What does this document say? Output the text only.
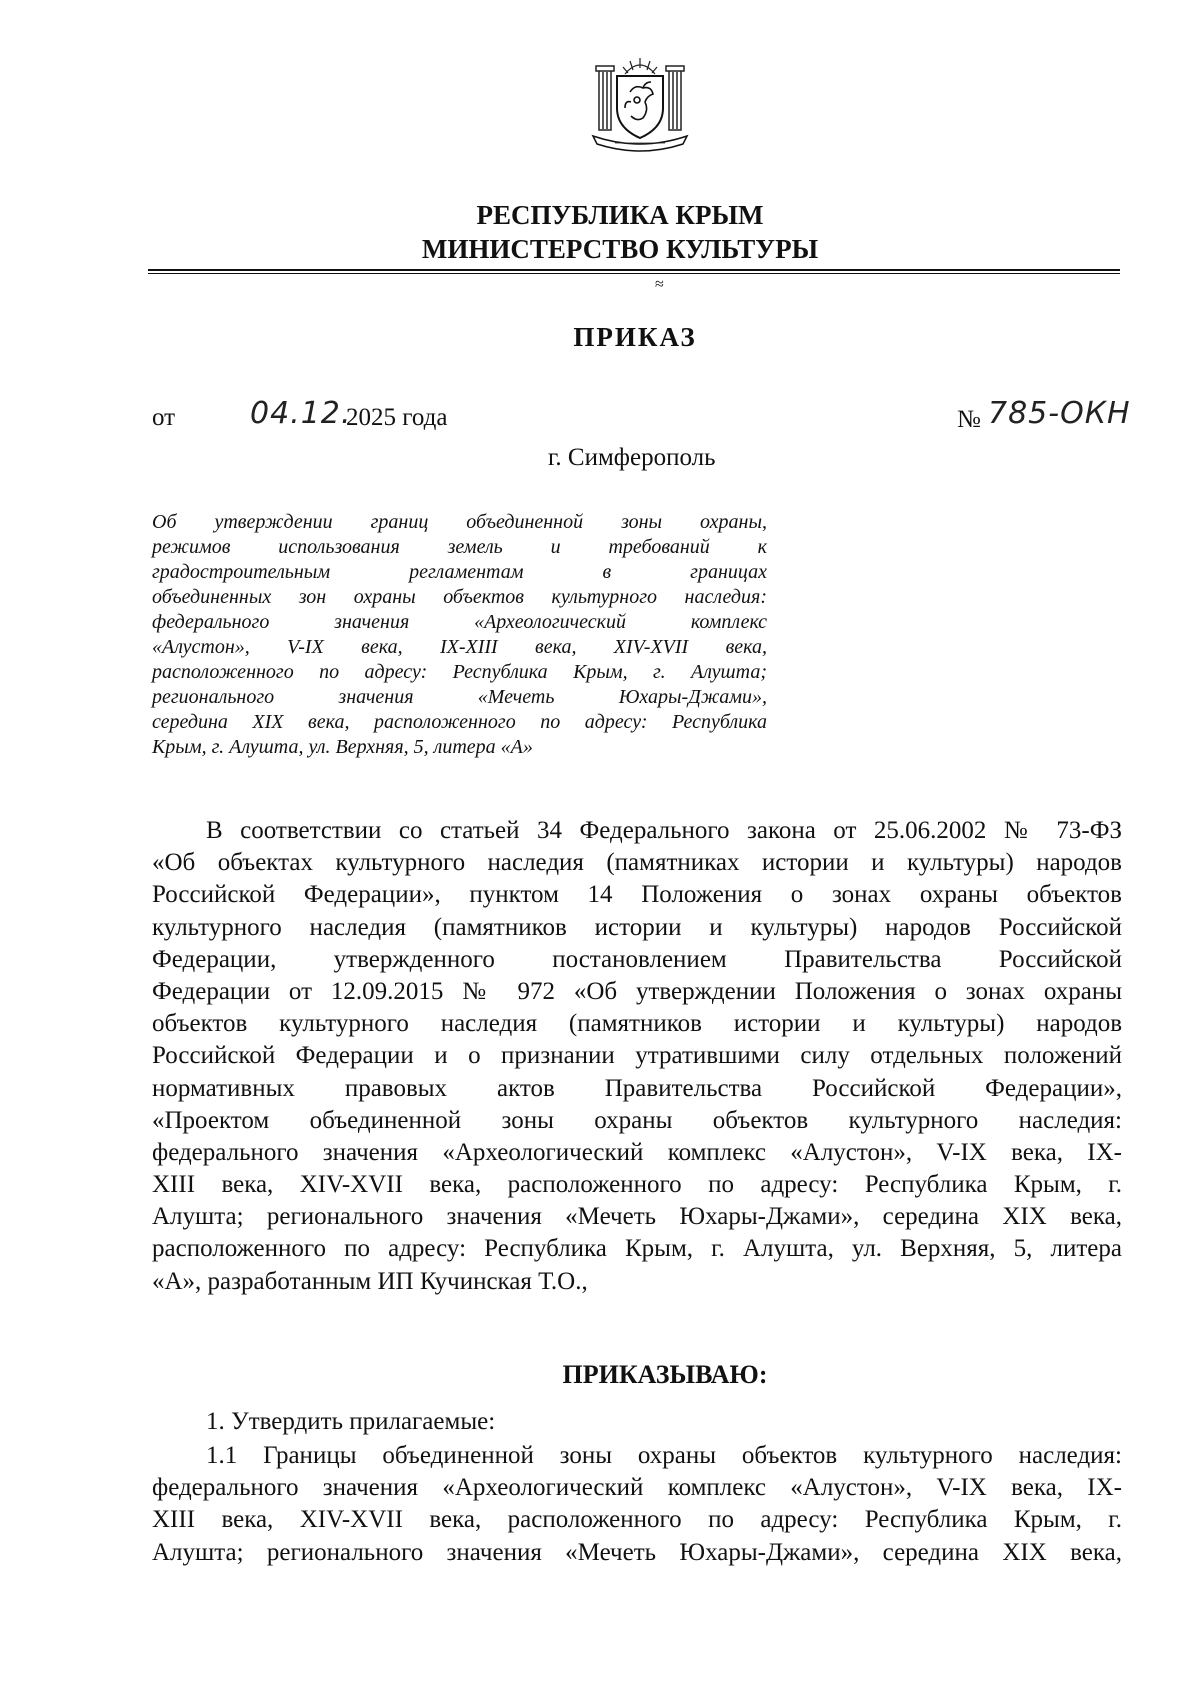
РЕСПУБЛИКА КРЫМ
МИНИСТЕРСТВО КУЛЬТУРЫ
≈
ПРИКАЗ
от 04.12.
2025 года	№ 785-ОКН
г. Симферополь
Об утверждении границ объединенной зоны охраны,
режимов использования земель и требований к
градостроительным регламентам в границах
объединенных зон охраны объектов культурного наследия:
федерального значения «Археологический комплекс
«Алустон», V-IX века, IX-XIII века, XIV-XVII века,
расположенного по адресу: Республика Крым, г. Алушта;
регионального значения «Мечеть Юхары-Джами»,
середина XIX века, расположенного по адресу: Республика
Крым, г. Алушта, ул. Верхняя, 5, литера «А»
В соответствии со статьей 34 Федерального закона от 25.06.2002 № 73-ФЗ
«Об объектах культурного наследия (памятниках истории и культуры) народов
Российской Федерации», пунктом 14 Положения о зонах охраны объектов
культурного наследия (памятников истории и культуры) народов Российской
Федерации, утвержденного постановлением Правительства Российской
Федерации от 12.09.2015 № 972 «Об утверждении Положения о зонах охраны
объектов культурного наследия (памятников истории и культуры) народов
Российской Федерации и о признании утратившими силу отдельных положений
нормативных правовых актов Правительства Российской Федерации»,
«Проектом объединенной зоны охраны объектов культурного наследия:
федерального значения «Археологический комплекс «Алустон», V-IX века, IX-
XIII века, XIV-XVII века, расположенного по адресу: Республика Крым, г.
Алушта; регионального значения «Мечеть Юхары-Джами», середина XIX века,
расположенного по адресу: Республика Крым, г. Алушта, ул. Верхняя, 5, литера
«А», разработанным ИП Кучинская Т.О.,
ПРИКАЗЫВАЮ:
1. Утвердить прилагаемые:
1.1 Границы объединенной зоны охраны объектов культурного наследия:
федерального значения «Археологический комплекс «Алустон», V-IX века, IX-
XIII века, XIV-XVII века, расположенного по адресу: Республика Крым, г.
Алушта; регионального значения «Мечеть Юхары-Джами», середина XIX века,
